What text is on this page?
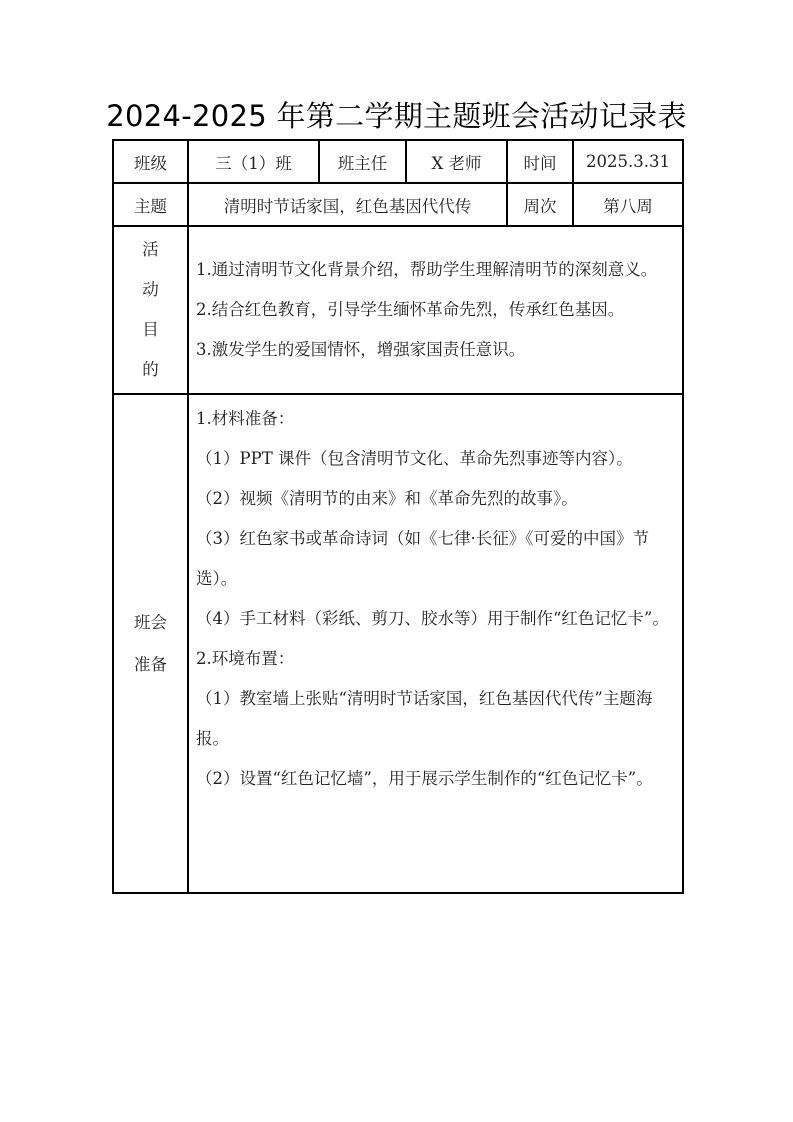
2024-2025 年第二学期主题班会活动记录表
班级	三（1）班	班主任	X 老师	时间	2025.3.31
主题	清明时节话家国，红色基因代代传			周次	第八周

活
动
目
的

1.通过清明节文化背景介绍，帮助学生理解清明节的深刻意义。

2.结合红色教育，引导学生缅怀革命先烈，传承红色基因。

3.激发学生的爱国情怀，增强家国责任意识。

班会
准备

1.材料准备：

（1）PPT 课件（包含清明节文化、革命先烈事迹等内容）。

（2）视频《清明节的由来》和《革命先烈的故事》。

（3）红色家书或革命诗词（如《七律·长征》《可爱的中国》节选）。

（4）手工材料（彩纸、剪刀、胶水等）用于制作“红色记忆卡”。

2.环境布置：

（1）教室墙上张贴“清明时节话家国，红色基因代代传”主题海报。

（2）设置“红色记忆墙”，用于展示学生制作的“红色记忆卡”。
